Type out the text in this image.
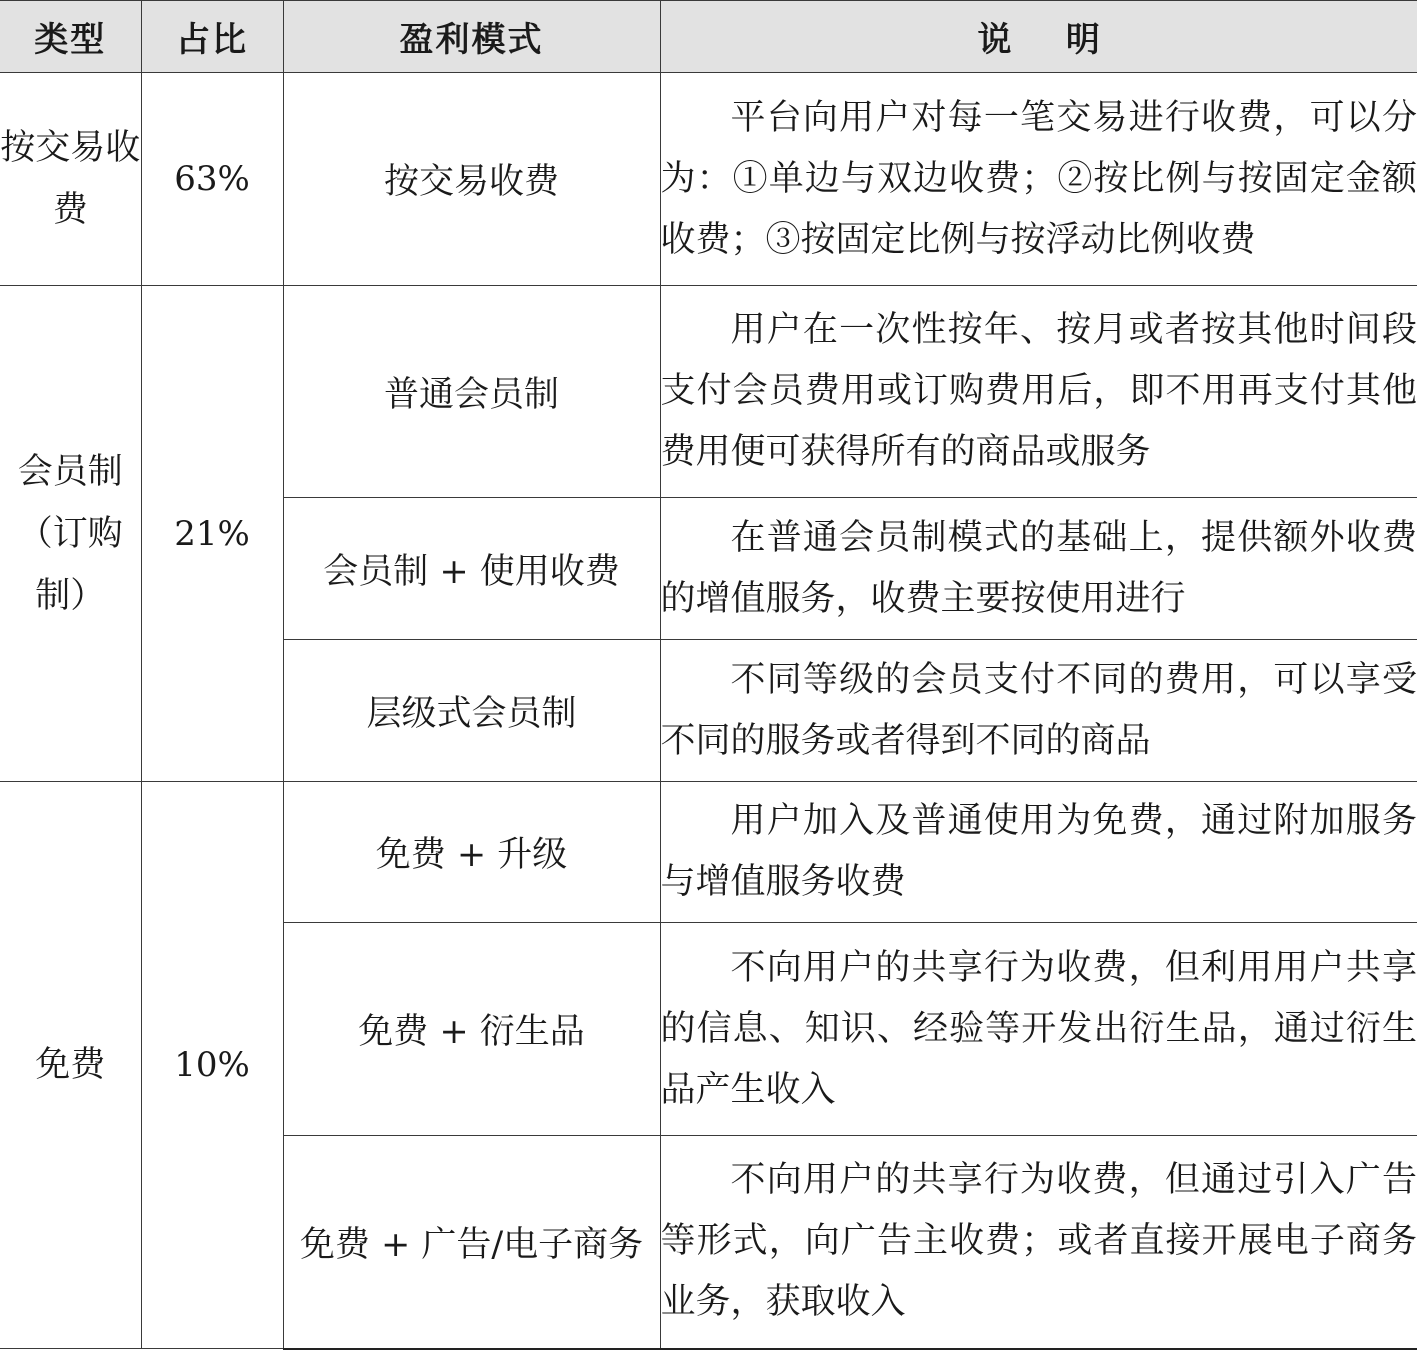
类型	占比	盈利模式	说明
按交易收费	63%	按交易收费	平台向用户对每一笔交易进行收费，可以分为：①单边与双边收费；②按比例与按固定金额收费；③按固定比例与按浮动比例收费
会员制（订购制）	21%	普通会员制	用户在一次性按年、按月或者按其他时间段支付会员费用或订购费用后，即不用再支付其他费用便可获得所有的商品或服务
		会员制 + 使用收费	在普通会员制模式的基础上，提供额外收费的增值服务，收费主要按使用进行
		层级式会员制	不同等级的会员支付不同的费用，可以享受不同的服务或者得到不同的商品
免费	10%	免费 + 升级	用户加入及普通使用为免费，通过附加服务与增值服务收费
		免费 + 衍生品	不向用户的共享行为收费，但利用用户共享的信息、知识、经验等开发出衍生品，通过衍生品产生收入
		免费 + 广告/电子商务	不向用户的共享行为收费，但通过引入广告等形式，向广告主收费；或者直接开展电子商务业务，获取收入
